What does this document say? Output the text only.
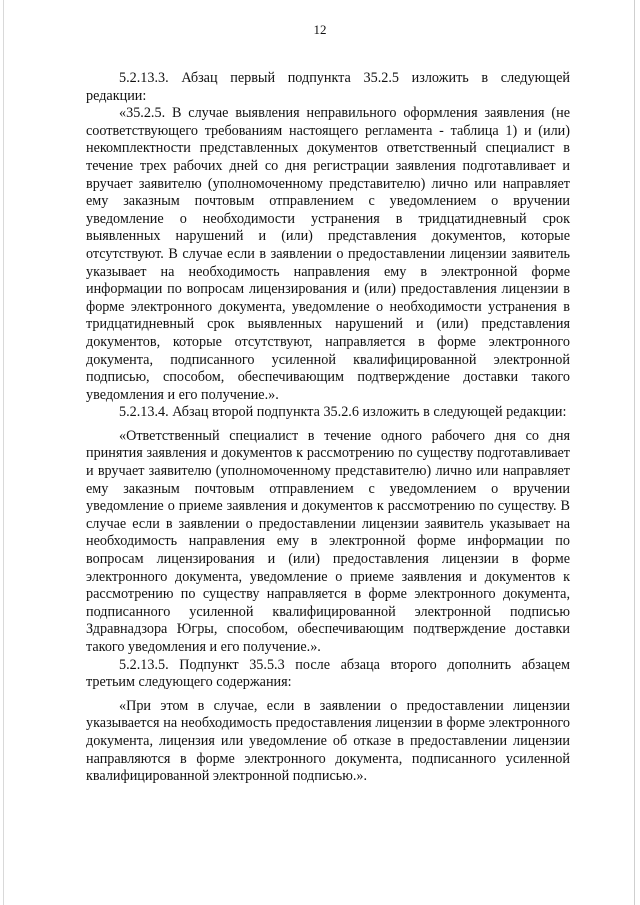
12

5.2.13.3. Абзац первый подпункта 35.2.5 изложить в следующей редакции:

«35.2.5. В случае выявления неправильного оформления заявления (не соответствующего требованиям настоящего регламента - таблица 1) и (или) некомплектности представленных документов ответственный специалист в течение трех рабочих дней со дня регистрации заявления подготавливает и вручает заявителю (уполномоченному представителю) лично или направляет ему заказным почтовым отправлением с уведомлением о вручении уведомление о необходимости устранения в тридцатидневный срок выявленных нарушений и (или) представления документов, которые отсутствуют. В случае если в заявлении о предоставлении лицензии заявитель указывает на необходимость направления ему в электронной форме информации по вопросам лицензирования и (или) предоставления лицензии в форме электронного документа, уведомление о необходимости устранения в тридцатидневный срок выявленных нарушений и (или) представления документов, которые отсутствуют, направляется в форме электронного документа, подписанного усиленной квалифицированной электронной подписью, способом, обеспечивающим подтверждение доставки такого уведомления и его получение.».

5.2.13.4. Абзац второй подпункта 35.2.6 изложить в следующей редакции:

«Ответственный специалист в течение одного рабочего дня со дня принятия заявления и документов к рассмотрению по существу подготавливает и вручает заявителю (уполномоченному представителю) лично или направляет ему заказным почтовым отправлением с уведомлением о вручении уведомление о приеме заявления и документов к рассмотрению по существу. В случае если в заявлении о предоставлении лицензии заявитель указывает на необходимость направления ему в электронной форме информации по вопросам лицензирования и (или) предоставления лицензии в форме электронного документа, уведомление о приеме заявления и документов к рассмотрению по существу направляется в форме электронного документа, подписанного усиленной квалифицированной электронной подписью Здравнадзора Югры, способом, обеспечивающим подтверждение доставки такого уведомления и его получение.».

5.2.13.5. Подпункт 35.5.3 после абзаца второго дополнить абзацем третьим следующего содержания:

«При этом в случае, если в заявлении о предоставлении лицензии указывается на необходимость предоставления лицензии в форме электронного документа, лицензия или уведомление об отказе в предоставлении лицензии направляются в форме электронного документа, подписанного усиленной квалифицированной электронной подписью.».
